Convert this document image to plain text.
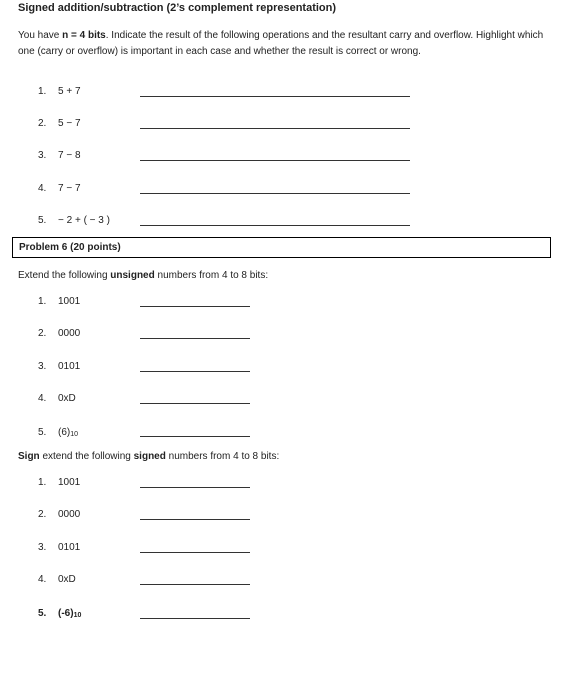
Signed addition/subtraction (2’s complement representation)
You have n = 4 bits. Indicate the result of the following operations and the resultant carry and overflow. Highlight which one (carry or overflow) is important in each case and whether the result is correct or wrong.
1. 5 + 7
2. 5 − 7
3. 7 − 8
4. 7 − 7
5. − 2 + ( − 3 )
Problem 6 (20 points)
Extend the following unsigned numbers from 4 to 8 bits:
1. 1001
2. 0000
3. 0101
4. 0xD
5. $(6)_{10}$
Sign extend the following signed numbers from 4 to 8 bits:
1. 1001
2. 0000
3. 0101
4. 0xD
5. $(-6)_{10}$
